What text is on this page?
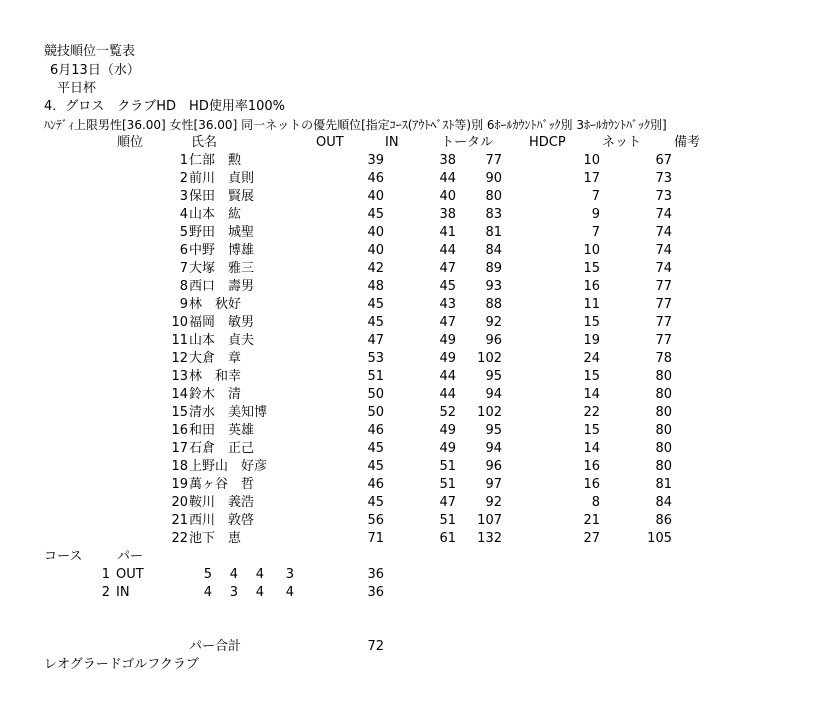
競技順位一覧表
6月13日（水）
平日杯
4．グロス　クラブHD　HD使用率100%
ﾊﾝﾃﾞｨ上限男性[36.00] 女性[36.00] 同一ネットの優先順位[指定ｺｰｽ(ｱｳﾄﾍﾞｽﾄ等)別 6ﾎｰﾙｶｳﾝﾄﾊﾞｯｸ別 3ﾎｰﾙｶｳﾝﾄﾊﾞｯｸ別]
順位	氏名	OUT	IN	トータル	HDCP	ネット	備考
1 仁部　勲	39	38	77	10	67
2 前川　貞則	46	44	90	17	73
3 保田　賢展	40	40	80	7	73
4 山本　紘	45	38	83	9	74
5 野田　城聖	40	41	81	7	74
6 中野　博雄	40	44	84	10	74
7 大塚　雅三	42	47	89	15	74
8 西口　壽男	48	45	93	16	77
9 林　秋好	45	43	88	11	77
10 福岡　敏男	45	47	92	15	77
11 山本　貞夫	47	49	96	19	77
12 大倉　章	53	49	102	24	78
13 林　和幸	51	44	95	15	80
14 鈴木　清	50	44	94	14	80
15 清水　美知博	50	52	102	22	80
16 和田　英雄	46	49	95	15	80
17 石倉　正己	45	49	94	14	80
18 上野山　好彦	45	51	96	16	80
19 萬ヶ谷　哲	46	51	97	16	81
20 鞍川　義浩	45	47	92	8	84
21 西川　敦啓	56	51	107	21	86
22 池下　恵	71	61	132	27	105
コース	パー
1 OUT	5	4	4	3	36
2 IN	4	3	4	4	36
パー合計	72
レオグラードゴルフクラブ
